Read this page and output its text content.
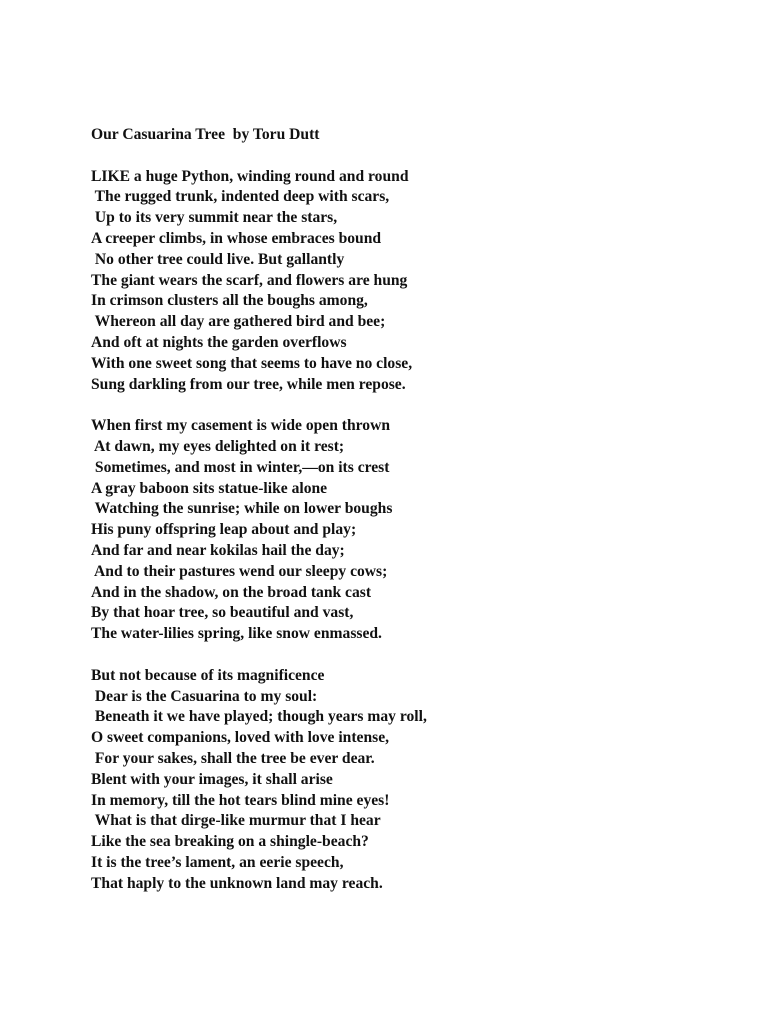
Our Casuarina Tree  by Toru Dutt
LIKE a huge Python, winding round and round
The rugged trunk, indented deep with scars,
Up to its very summit near the stars,
A creeper climbs, in whose embraces bound
No other tree could live. But gallantly
The giant wears the scarf, and flowers are hung
In crimson clusters all the boughs among,
Whereon all day are gathered bird and bee;
And oft at nights the garden overflows
With one sweet song that seems to have no close,
Sung darkling from our tree, while men repose.
When first my casement is wide open thrown
At dawn, my eyes delighted on it rest;
Sometimes, and most in winter,—on its crest
A gray baboon sits statue-like alone
Watching the sunrise; while on lower boughs
His puny offspring leap about and play;
And far and near kokilas hail the day;
And to their pastures wend our sleepy cows;
And in the shadow, on the broad tank cast
By that hoar tree, so beautiful and vast,
The water-lilies spring, like snow enmassed.
But not because of its magnificence
Dear is the Casuarina to my soul:
Beneath it we have played; though years may roll,
O sweet companions, loved with love intense,
For your sakes, shall the tree be ever dear.
Blent with your images, it shall arise
In memory, till the hot tears blind mine eyes!
What is that dirge-like murmur that I hear
Like the sea breaking on a shingle-beach?
It is the tree’s lament, an eerie speech,
That haply to the unknown land may reach.
